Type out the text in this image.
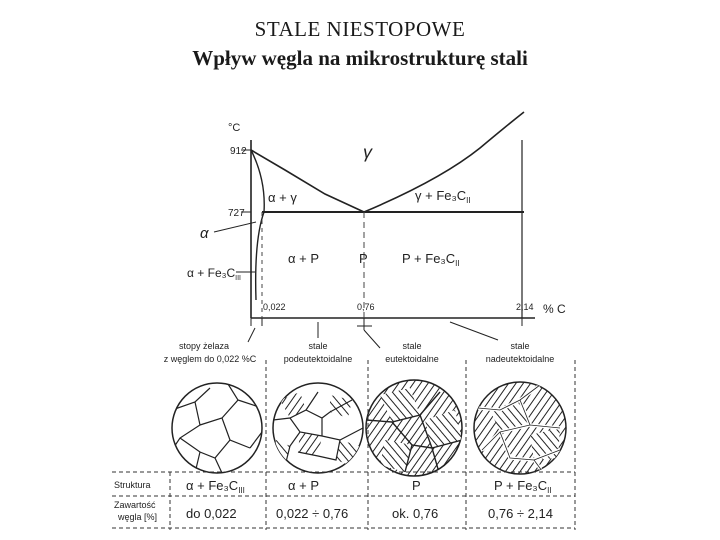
STALE NIESTOPOWE
Wpływ węgla na mikrostrukturę stali
°C
912
727
0,022	0,76	2,14 % C
γ
α + γ	$\gamma + Fe_3C_{II}$
α
α + P	P	$P + Fe_3C_{II}$
$\alpha + Fe_3C_{III}$
stopy żelaza
z węglem do 0,022 %C
stale
podeutektoidalne
stale
eutektoidalne
stale
nadeutektoidalne
Struktura
Zawartość
węgla [%]
$\alpha + Fe_3C_{III}$	α + P	P	$P + Fe_3C_{II}$
do 0,022	0,022 ÷ 0,76	ok. 0,76	0,76 ÷ 2,14
